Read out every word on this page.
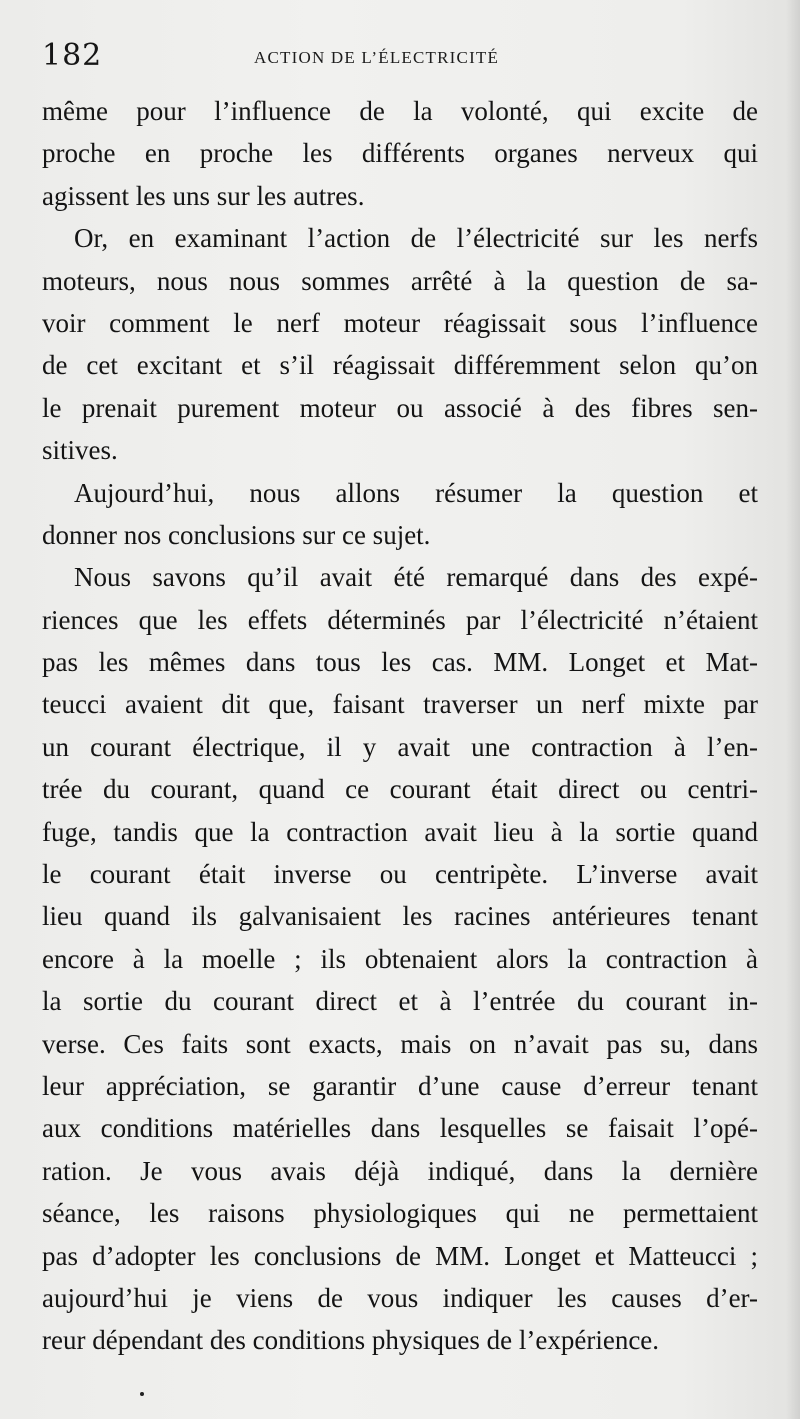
182	ACTION DE L’ÉLECTRICITÉ
même pour l’influence de la volonté, qui excite de
proche en proche les différents organes nerveux qui
agissent les uns sur les autres.
Or, en examinant l’action de l’électricité sur les nerfs
moteurs, nous nous sommes arrêté à la question de sa-
voir comment le nerf moteur réagissait sous l’influence
de cet excitant et s’il réagissait différemment selon qu’on
le prenait purement moteur ou associé à des fibres sen-
sitives.
Aujourd’hui, nous allons résumer la question et
donner nos conclusions sur ce sujet.
Nous savons qu’il avait été remarqué dans des expé-
riences que les effets déterminés par l’électricité n’étaient
pas les mêmes dans tous les cas. MM. Longet et Mat-
teucci avaient dit que, faisant traverser un nerf mixte par
un courant électrique, il y avait une contraction à l’en-
trée du courant, quand ce courant était direct ou centri-
fuge, tandis que la contraction avait lieu à la sortie quand
le courant était inverse ou centripète. L’inverse avait
lieu quand ils galvanisaient les racines antérieures tenant
encore à la moelle ; ils obtenaient alors la contraction à
la sortie du courant direct et à l’entrée du courant in-
verse. Ces faits sont exacts, mais on n’avait pas su, dans
leur appréciation, se garantir d’une cause d’erreur tenant
aux conditions matérielles dans lesquelles se faisait l’opé-
ration. Je vous avais déjà indiqué, dans la dernière
séance, les raisons physiologiques qui ne permettaient
pas d’adopter les conclusions de MM. Longet et Matteucci ;
aujourd’hui je viens de vous indiquer les causes d’er-
reur dépendant des conditions physiques de l’expérience.
